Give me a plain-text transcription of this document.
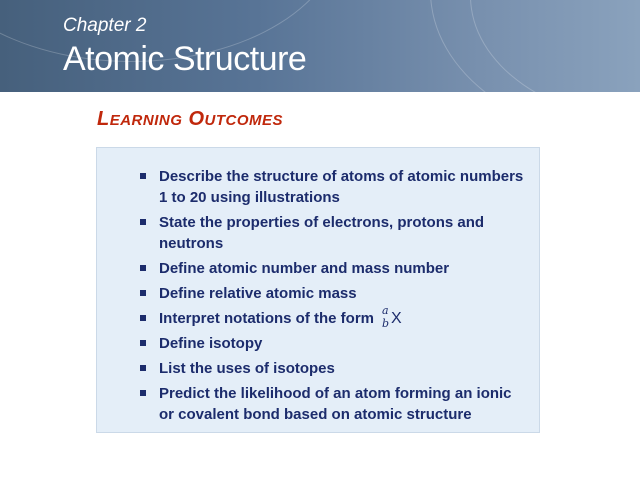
Chapter 2
Atomic Structure
LEARNING OUTCOMES
Describe the structure of atoms of atomic numbers 1 to 20 using illustrations
State the properties of electrons, protons and neutrons
Define atomic number and mass number
Define relative atomic mass
Interpret notations of the form a
b X
Define isotopy
List the uses of isotopes
Predict the likelihood of an atom forming an ionic or covalent bond based on atomic structure
